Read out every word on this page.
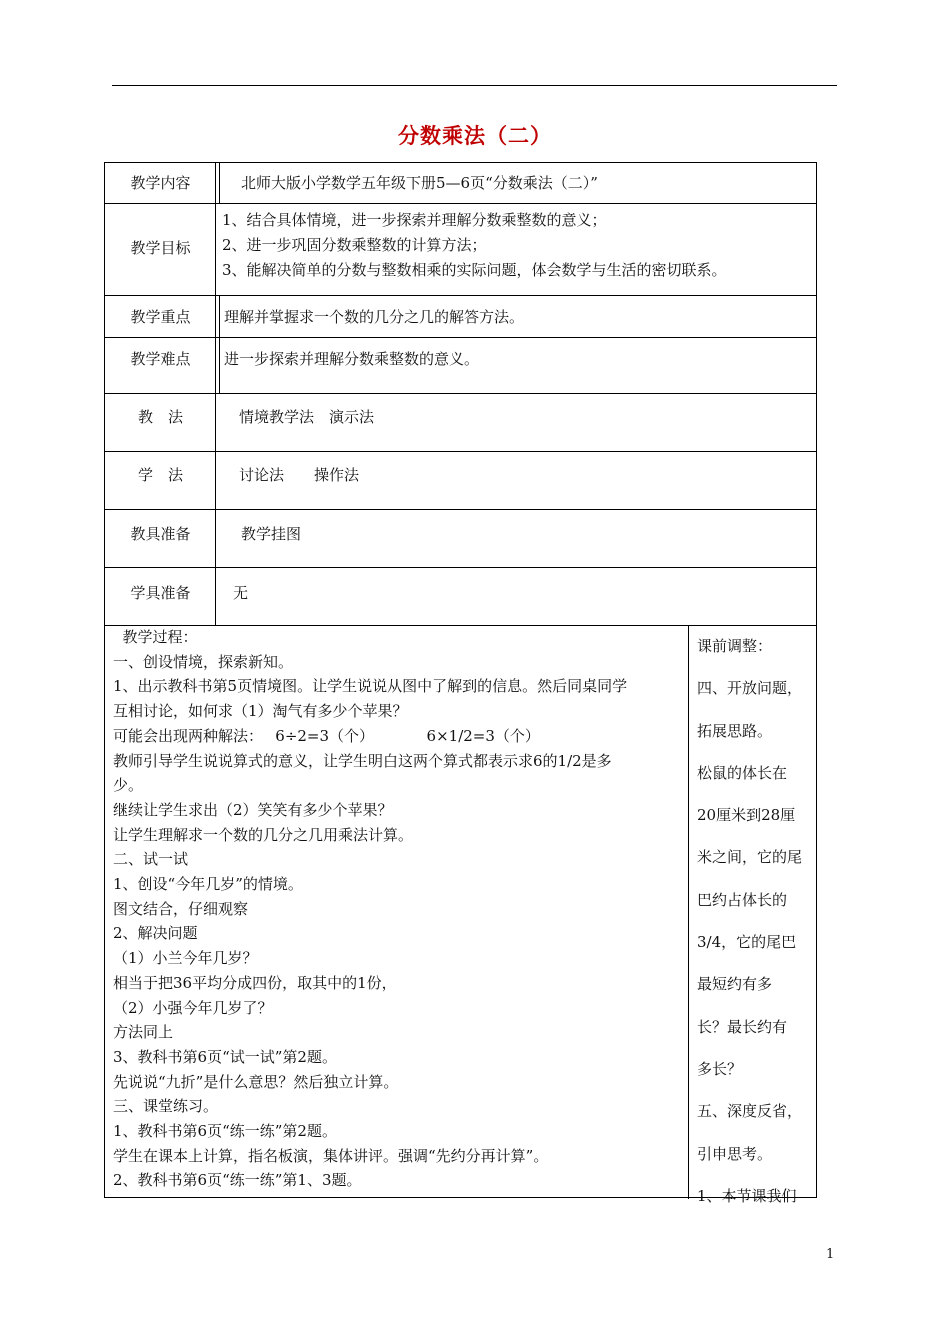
分数乘法（二）
教学内容	北师大版小学数学五年级下册5—6页“分数乘法（二）”
教学目标
1、结合具体情境，进一步探索并理解分数乘整数的意义；
2、进一步巩固分数乘整数的计算方法；
3、能解决简单的分数与整数相乘的实际问题，体会数学与生活的密切联系。
教学重点	理解并掌握求一个数的几分之几的解答方法。
教学难点	进一步探索并理解分数乘整数的意义。
教　法	情境教学法　演示法
学　法	讨论法　　操作法
教具准备	教学挂图
学具准备	无
教学过程：
一、创设情境，探索新知。
1、出示教科书第5页情境图。让学生说说从图中了解到的信息。然后同桌同学
互相讨论，如何求（1）淘气有多少个苹果？
可能会出现两种解法：　 6÷2=3（个）　　　　6×1/2=3（个）
教师引导学生说说算式的意义，让学生明白这两个算式都表示求6的1/2是多
少。
继续让学生求出（2）笑笑有多少个苹果？
让学生理解求一个数的几分之几用乘法计算。
二、试一试
1、创设“今年几岁”的情境。
图文结合，仔细观察
2、解决问题
（1）小兰今年几岁？
相当于把36平均分成四份，取其中的1份，
（2）小强今年几岁了？
方法同上
3、教科书第6页“试一试”第2题。
先说说“九折”是什么意思？然后独立计算。
三、课堂练习。
1、教科书第6页“练一练”第2题。
学生在课本上计算，指名板演，集体讲评。强调“先约分再计算”。
2、教科书第6页“练一练”第1、3题。
课前调整：
四、开放问题，
拓展思路。
松鼠的体长在
20厘米到28厘
米之间，它的尾
巴约占体长的
3/4，它的尾巴
最短约有多
长？最长约有
多长？
五、深度反省，
引申思考。
1、本节课我们
1
